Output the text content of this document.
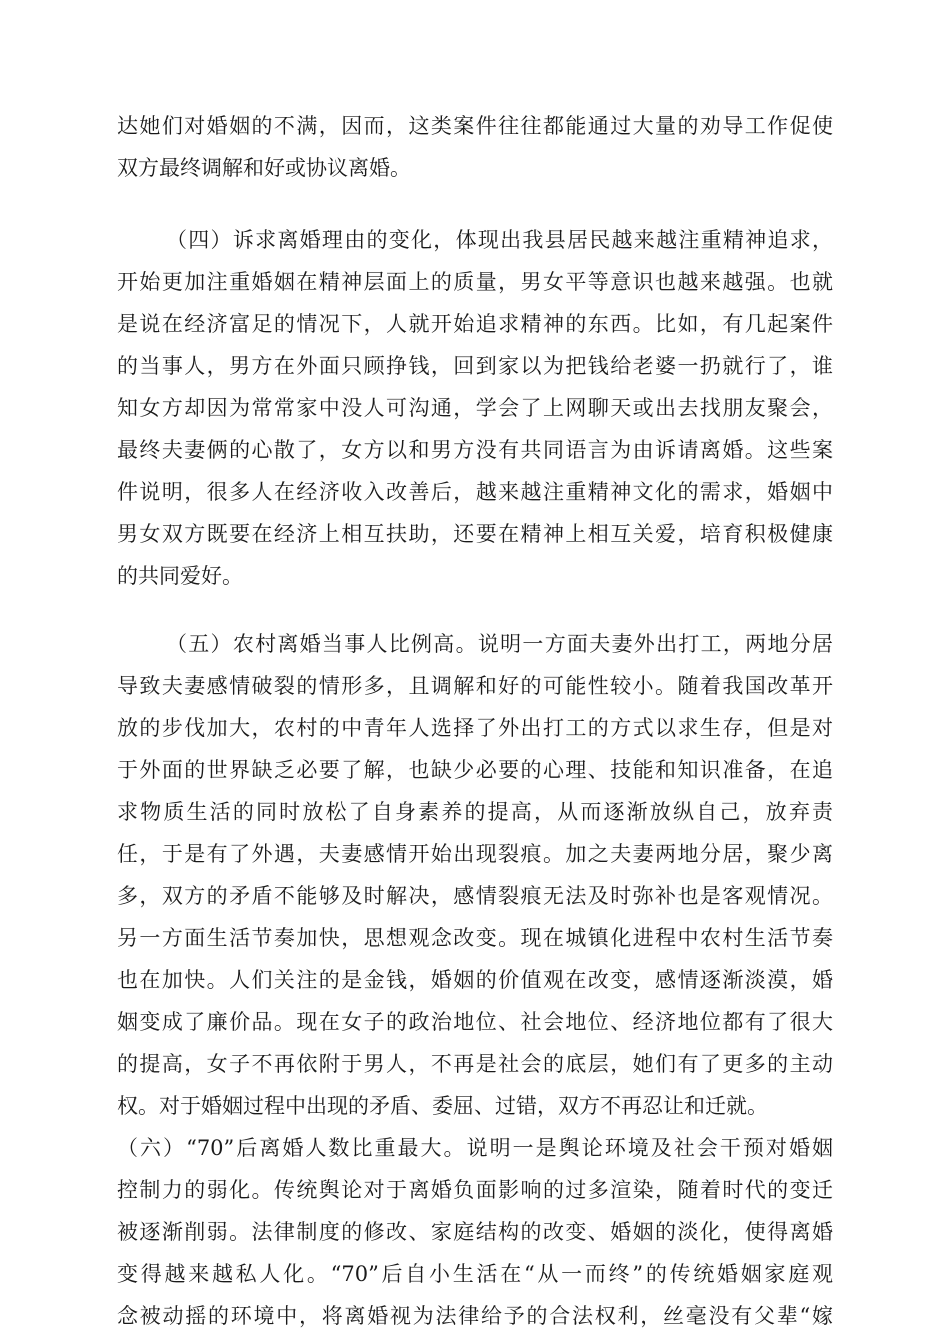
达她们对婚姻的不满，因而，这类案件往往都能通过大量的劝导工作促使
双方最终调解和好或协议离婚。
（四）诉求离婚理由的变化，体现出我县居民越来越注重精神追求，
开始更加注重婚姻在精神层面上的质量，男女平等意识也越来越强。也就
是说在经济富足的情况下，人就开始追求精神的东西。比如，有几起案件
的当事人，男方在外面只顾挣钱，回到家以为把钱给老婆一扔就行了，谁
知女方却因为常常家中没人可沟通，学会了上网聊天或出去找朋友聚会，
最终夫妻俩的心散了，女方以和男方没有共同语言为由诉请离婚。这些案
件说明，很多人在经济收入改善后，越来越注重精神文化的需求，婚姻中
男女双方既要在经济上相互扶助，还要在精神上相互关爱，培育积极健康
的共同爱好。
（五）农村离婚当事人比例高。说明一方面夫妻外出打工，两地分居
导致夫妻感情破裂的情形多，且调解和好的可能性较小。随着我国改革开
放的步伐加大，农村的中青年人选择了外出打工的方式以求生存，但是对
于外面的世界缺乏必要了解，也缺少必要的心理、技能和知识准备，在追
求物质生活的同时放松了自身素养的提高，从而逐渐放纵自己，放弃责
任，于是有了外遇，夫妻感情开始出现裂痕。加之夫妻两地分居，聚少离
多，双方的矛盾不能够及时解决，感情裂痕无法及时弥补也是客观情况。
另一方面生活节奏加快，思想观念改变。现在城镇化进程中农村生活节奏
也在加快。人们关注的是金钱，婚姻的价值观在改变，感情逐渐淡漠，婚
姻变成了廉价品。现在女子的政治地位、社会地位、经济地位都有了很大
的提高，女子不再依附于男人，不再是社会的底层，她们有了更多的主动
权。对于婚姻过程中出现的矛盾、委屈、过错，双方不再忍让和迁就。
（六）“70”后离婚人数比重最大。说明一是舆论环境及社会干预对婚姻
控制力的弱化。传统舆论对于离婚负面影响的过多渲染，随着时代的变迁
被逐渐削弱。法律制度的修改、家庭结构的改变、婚姻的淡化，使得离婚
变得越来越私人化。“70”后自小生活在“从一而终”的传统婚姻家庭观
念被动摇的环境中，将离婚视为法律给予的合法权利，丝毫没有父辈“嫁
